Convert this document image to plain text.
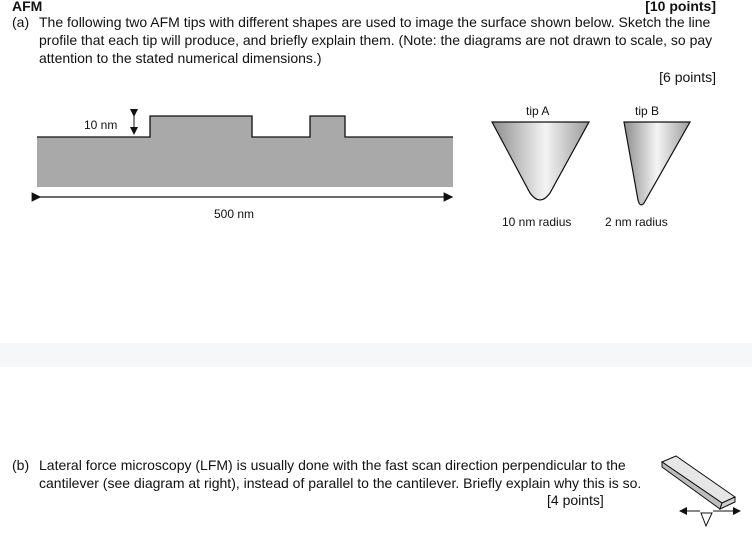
AFM	[10 points]
(a) The following two AFM tips with different shapes are used to image the surface shown below. Sketch the line profile that each tip will produce, and briefly explain them. (Note: the diagrams are not drawn to scale, so pay attention to the stated numerical dimensions.)
[6 points]
10 nm
500 nm
tip A
10 nm radius
tip B
2 nm radius
(b) Lateral force microscopy (LFM) is usually done with the fast scan direction perpendicular to the cantilever (see diagram at right), instead of parallel to the cantilever. Briefly explain why this is so.
[4 points]
